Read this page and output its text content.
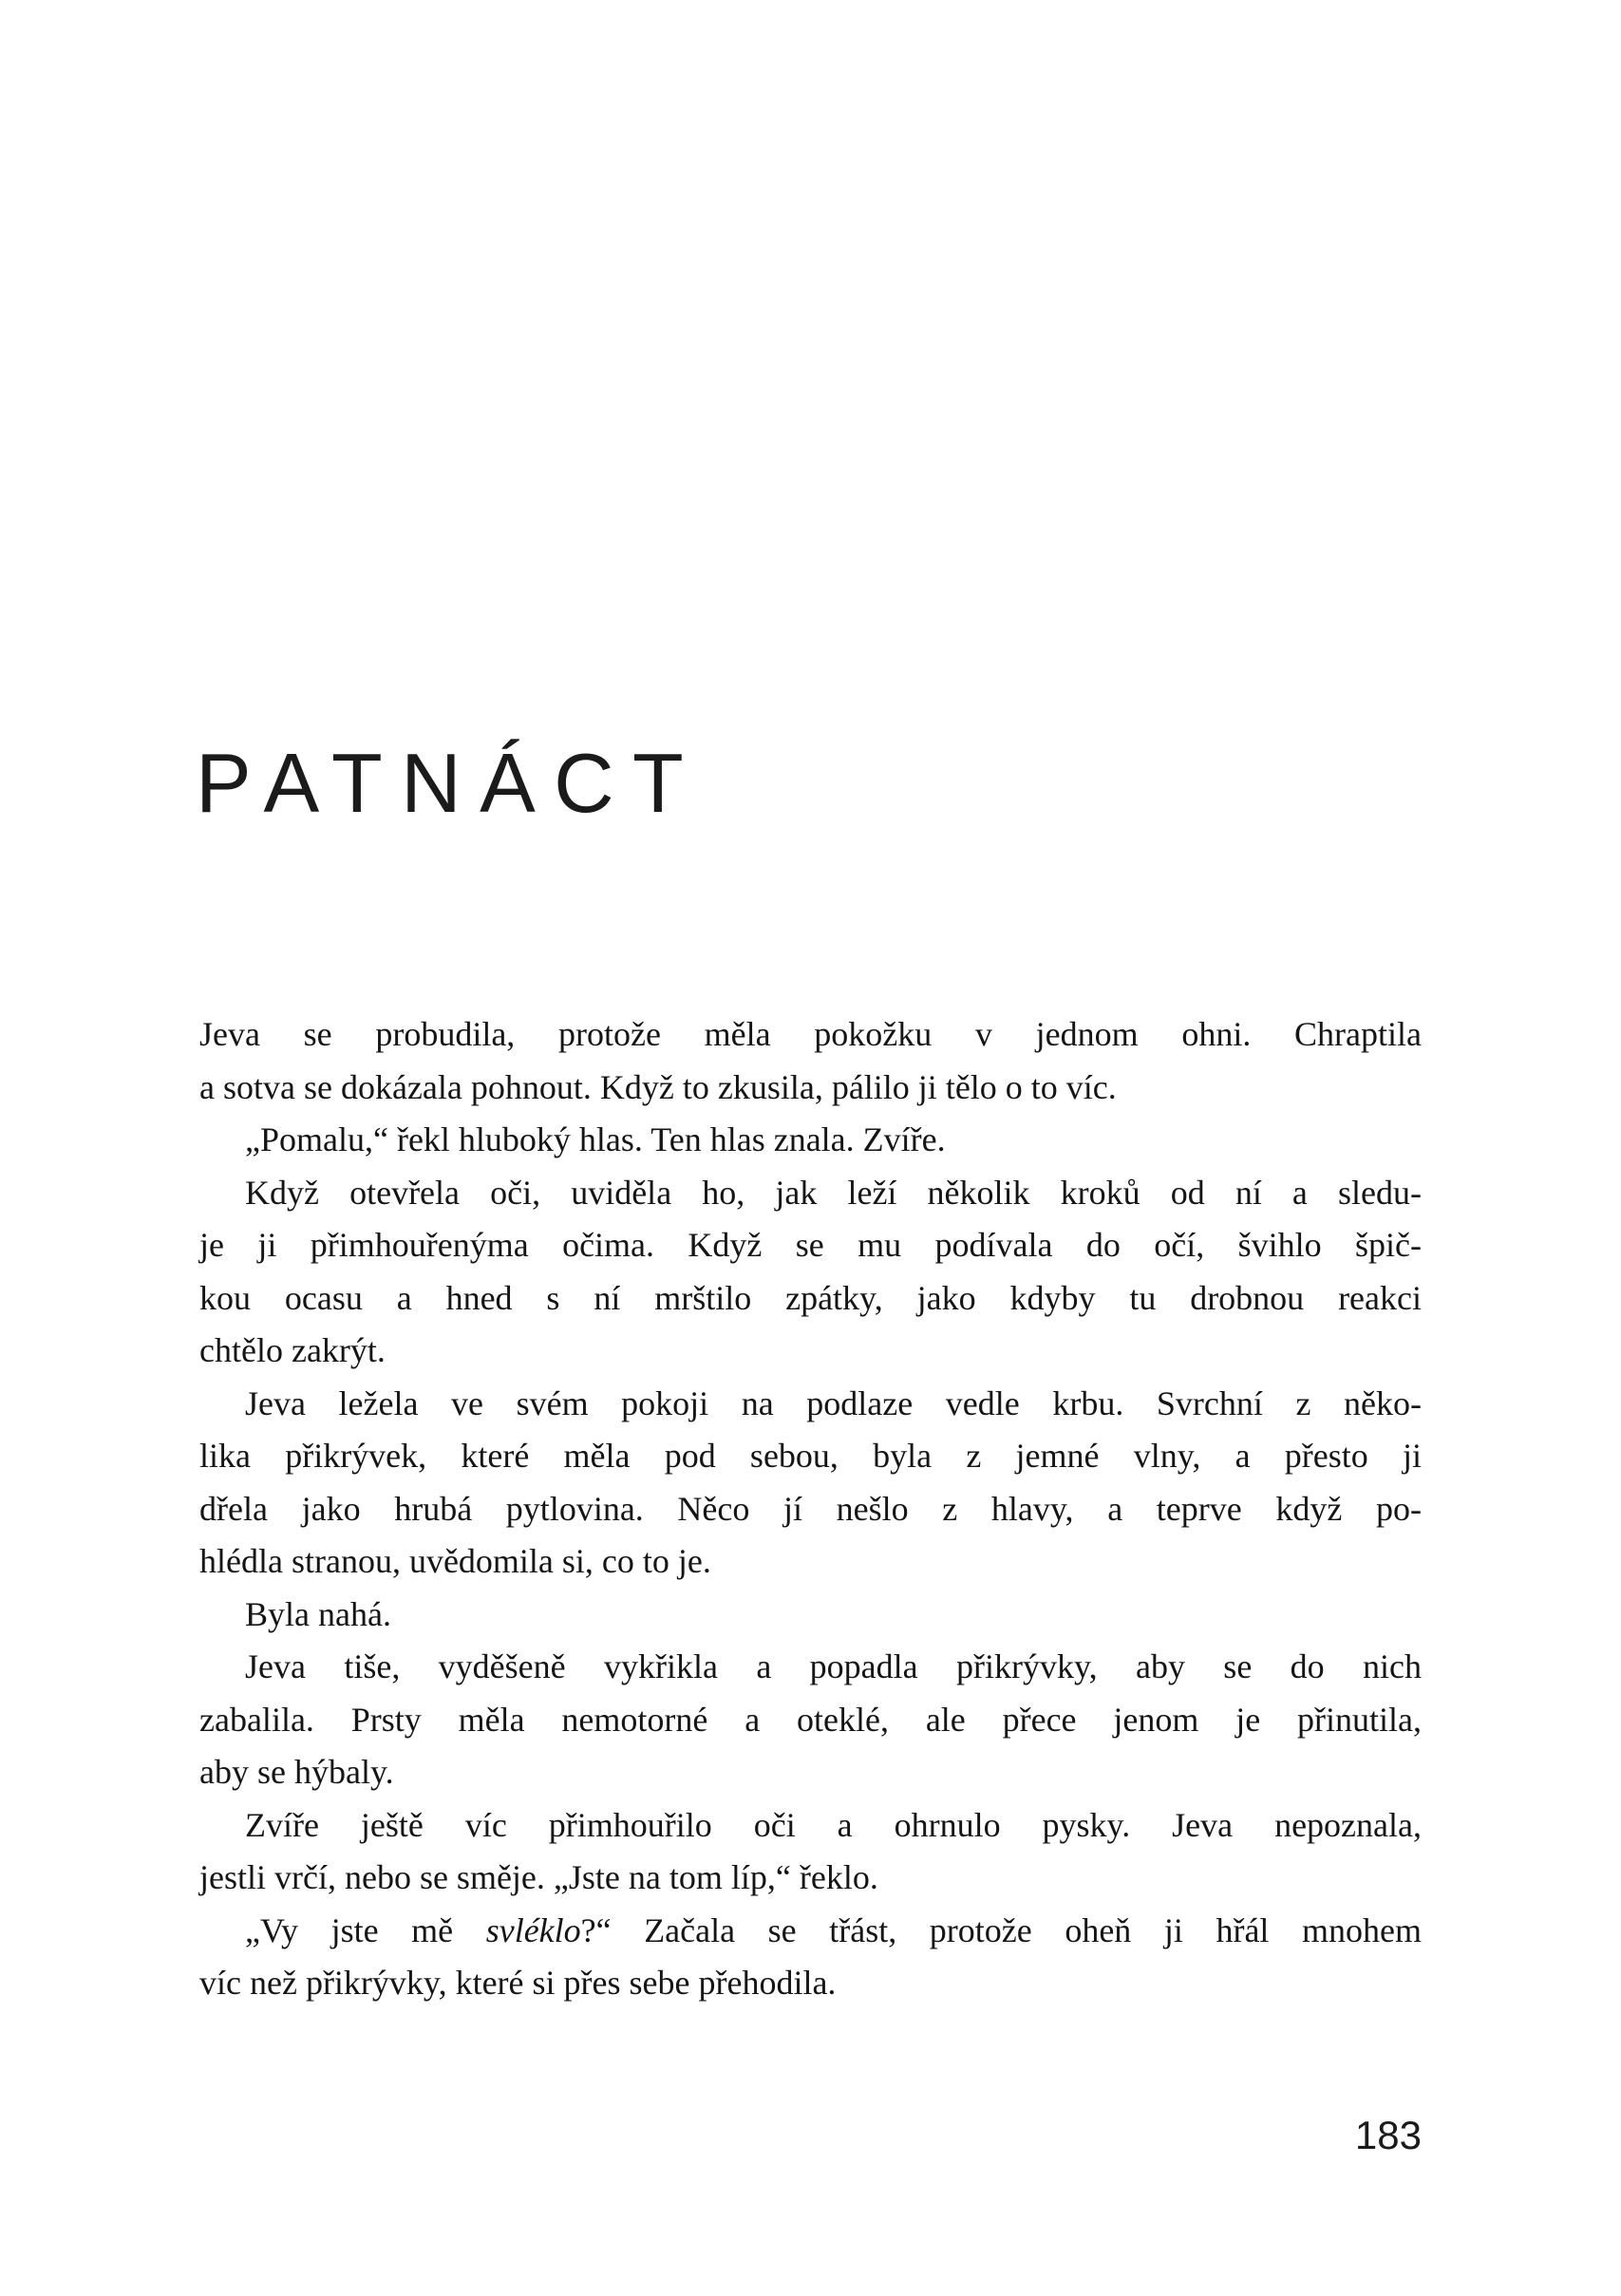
PATNÁCT
Jeva se probudila, protože měla pokožku v jednom ohni. Chraptila
a sotva se dokázala pohnout. Když to zkusila, pálilo ji tělo o to víc.
„Pomalu,“ řekl hluboký hlas. Ten hlas znala. Zvíře.
Když otevřela oči, uviděla ho, jak leží několik kroků od ní a sledu-
je ji přimhouřenýma očima. Když se mu podívala do očí, švihlo špič-
kou ocasu a hned s ní mrštilo zpátky, jako kdyby tu drobnou reakci
chtělo zakrýt.
Jeva ležela ve svém pokoji na podlaze vedle krbu. Svrchní z něko-
lika přikrývek, které měla pod sebou, byla z jemné vlny, a přesto ji
dřela jako hrubá pytlovina. Něco jí nešlo z hlavy, a teprve když po-
hlédla stranou, uvědomila si, co to je.
Byla nahá.
Jeva tiše, vyděšeně vykřikla a popadla přikrývky, aby se do nich
zabalila. Prsty měla nemotorné a oteklé, ale přece jenom je přinutila,
aby se hýbaly.
Zvíře ještě víc přimhouřilo oči a ohrnulo pysky. Jeva nepoznala,
jestli vrčí, nebo se směje. „Jste na tom líp,“ řeklo.
„Vy jste mě svléklo?“ Začala se třást, protože oheň ji hřál mnohem
víc než přikrývky, které si přes sebe přehodila.
183
